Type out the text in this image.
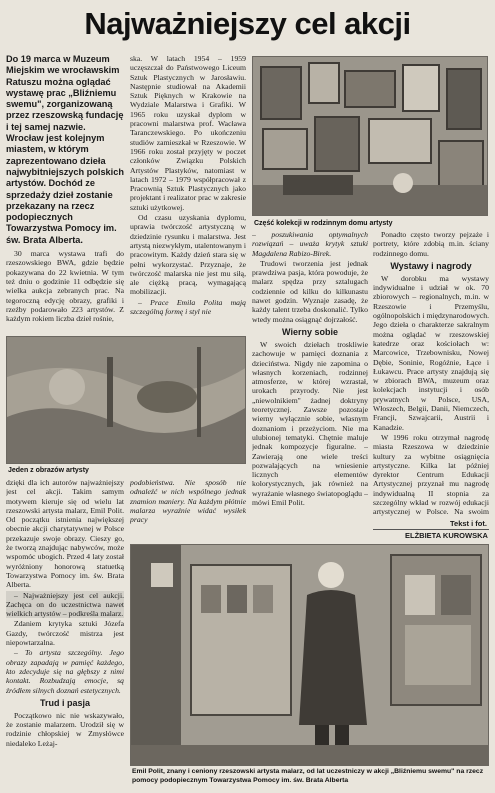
Najważniejszy cel akcji

Do 19 marca w Muzeum Miejskim we wrocławskim Ratuszu można oglądać wystawę prac „Bliźniemu swemu", zorganizowaną przez rzeszowską fundację i tej samej nazwie. Wrocław jest kolejnym miastem, w którym zaprezentowano dzieła najwybitniejszych polskich artystów. Dochód ze sprzedaży dzieł zostanie przekazany na rzecz podopiecznych Towarzystwa Pomocy im. św. Brata Alberta.

30 marca wystawa trafi do rzeszowskiego BWA, gdzie będzie pokazywana do 22 kwietnia. W tym też dniu o godzinie 11 odbędzie się wielka aukcja zebranych prac. Na tegoroczną edycję obrazy, grafiki i rzeźby podarowało 223 artystów. Z każdym rokiem liczba dzieł rośnie,

ska. W latach 1954 – 1959 uczęszczał do Państwowego Liceum Sztuk Plastycznych w Jarosławiu. Następnie studiował na Akademii Sztuk Pięknych w Krakowie na Wydziale Malarstwa i Grafiki. W 1965 roku uzyskał dyplom w pracowni malarstwa prof. Wacława Taranczewskiego. Po ukończeniu studiów zamieszkał w Rzeszowie. W 1966 roku został przyjęty w poczet członków Związku Polskich Artystów Plastyków, natomiast w latach 1972 – 1979 współpracował z Pracownią Sztuk Plastycznych jako projektant i realizator prac w zakresie sztuki użytkowej.

Od czasu uzyskania dyplomu, uprawia twórczość artystyczną w dziedzinie rysunku i malarstwa. Jest artystą niezwykłym, utalentowanym i pracowitym. Każdy dzień stara się w pełni wykorzystać. Przyznaje, że twórczość malarska nie jest mu siłą, ale ciężką pracą, wymagającą mobilizacji.

– Prace Emila Polita mają szczególną formę i styl nie

Część kolekcji w rodzinnym domu artysty

– poszukiwania optymalnych rozwiązań – uważa krytyk sztuki Magdalena Rabizo-Birek.

Trudowi tworzenia jest jednak prawdziwa pasja, która powoduje, że malarz spędza przy sztalugach codziennie od kilku do kilkunastu nawet godzin. Wyznaje zasadę, że każdy talent trzeba doskonalić. Tylko wtedy można osiągnąć dojrzałość.

Wierny sobie

W swoich dziełach troskliwie zachowuje w pamięci doznania z dzieciństwa. Nigdy nie zapomina o własnych korzeniach, rodzinnej atmosferze, w której wzrastał, urokach przyrody. Nie jest „niewolnikiem" żadnej doktryny teoretycznej. Zawsze pozostaje wierny wyłącznie sobie, własnym doznaniom i przeżyciom. Nie ma ulubionej tematyki. Chętnie maluje jednak kompozycje figuralne. – Zawierają one wiele treści pozwalających na wniesienie licznych elementów kolorystycznych, jak również na wyrażanie własnego światopoglądu – mówi Emil Polit.

Ponadto często tworzy pejzaże i portrety, które zdobią m.in. ściany rodzinnego domu.

Wystawy i nagrody

W dorobku ma wystawy indywidualne i udział w ok. 70 zbiorowych – regionalnych, m.in. w Rzeszowie i Przemyślu, ogólnopolskich i międzynarodowych. Jego dzieła o charakterze sakralnym można oglądać w rzeszowskiej katedrze oraz kościołach w: Marcowice, Trzebownisku, Nowej Dębie, Soninie, Rogóźnie, Łące i Łukawcu. Prace artysty znajdują się w zbiorach BWA, muzeum oraz kolekcjach instytucji i osób prywatnych w Polsce, USA, Włoszech, Belgii, Danii, Niemczech, Francji, Szwajcarii, Austrii i Kanadzie.

W 1996 roku otrzymał nagrodę miasta Rzeszowa w dziedzinie kultury za wybitne osiągnięcia artystyczne. Kilka lat później dyrektor Centrum Edukacji Artystycznej przyznał mu nagrodę indywidualną II stopnia za szczególny wkład w rozwój edukacji artystycznej w Polsce. Na swoim

Tekst i fot.
ELŻBIETA KUROWSKA
Jeden z obrazów artysty

dzięki dla ich autorów najważniejszy jest cel akcji. Takim samym motywem kieruje się od wielu lat rzeszowski artysta malarz, Emil Polit. Od początku istnienia największej obecnie akcji charytatywnej w Polsce przekazuje swoje obrazy. Cieszy go, że tworzą znajdując nabywców, może wspomóc ubogich. Przed 4 laty został wyróżniony honorową statuetką Towarzystwa Pomocy im. św. Brata Alberta.

– Najważniejszy jest cel aukcji. Zachęca on do uczestnictwa nawet wielkich artystów – podkreśla malarz.

Zdaniem krytyka sztuki Józefa Gazdy, twórczość mistrza jest niepowtarzalna.

– To artysta szczególny. Jego obrazy zapadają w pamięć każdego, kto zdecyduje się na głębszy z nimi kontakt. Rozbudzają emocje, są źródłem silnych doznań estetycznych.

Trud i pasja

Początkowo nic nie wskazywało, że zostanie malarzem. Urodził się w rodzinie chłopskiej w Zmysłówce niedaleko Leżaj-

podobieństwa. Nie sposób nie odnaleźć w nich wspólnego jednak znamion maniery. Na każdym płótnie malarza wyraźnie widać wysiłek pracy

Emil Polit, znany i ceniony rzeszowski artysta malarz, od lat uczestniczy w akcji „Bliźniemu swemu" na rzecz pomocy podopiecznym Towarzystwa Pomocy im. św. Brata Alberta
